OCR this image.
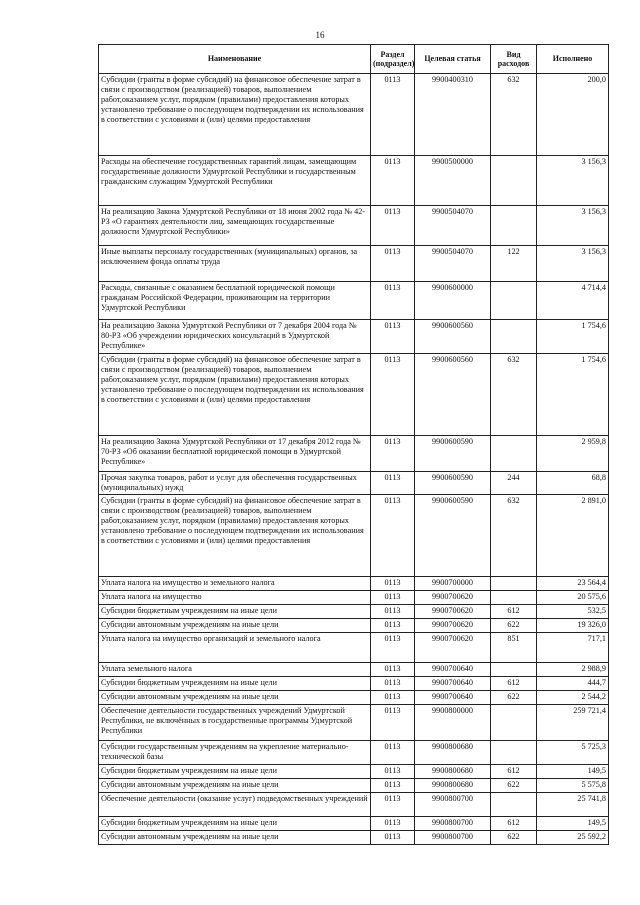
16
Наименование	Раздел (подраздел)	Целевая статья	Вид расходов	Исполнено
Субсидии (гранты в форме субсидий) на финансовое обеспечение затрат в связи с производством (реализацией) товаров, выполнением работ,оказанием услуг, порядком (правилами) предоставления которых установлено требование о последующем подтверждении их использования в соответствии с условиями и (или) целями предоставления	0113	9900400310	632	200,0
Расходы на обеспечение государственных гарантий лицам, замещающим государственные должности Удмуртской Республики и государственным гражданским служащим Удмуртской Республики	0113	9900500000		3 156,3
На реализацию Закона Удмуртской Республики от 18 июня 2002 года № 42-РЗ «О гарантиях деятельности лиц, замещающих государственные должности Удмуртской Республики»	0113	9900504070		3 156,3
Иные выплаты персоналу государственных (муниципальных) органов, за исключением фонда оплаты труда	0113	9900504070	122	3 156,3
Расходы, связанные с оказанием бесплатной юридической помощи гражданам Российской Федерации, проживающим на территории Удмуртской Республики	0113	9900600000		4 714,4
На реализацию Закона Удмуртской Республики от 7 декабря 2004 года № 80-РЗ «Об учреждении юридических консультаций в Удмуртской Республике»	0113	9900600560		1 754,6
Субсидии (гранты в форме субсидий) на финансовое обеспечение затрат в связи с производством (реализацией) товаров, выполнением работ,оказанием услуг, порядком (правилами) предоставления которых установлено требование о последующем подтверждении их использования в соответствии с условиями и (или) целями предоставления	0113	9900600560	632	1 754,6
На реализацию Закона Удмуртской Республики от 17 декабря 2012 года № 70-РЗ «Об оказании бесплатной юридической помощи в Удмуртской Республике»	0113	9900600590		2 959,8
Прочая закупка товаров, работ и услуг для обеспечения государственных (муниципальных) нужд	0113	9900600590	244	68,8
Субсидии (гранты в форме субсидий) на финансовое обеспечение затрат в связи с производством (реализацией) товаров, выполнением работ,оказанием услуг, порядком (правилами) предоставления которых установлено требование о последующем подтверждении их использования в соответствии с условиями и (или) целями предоставления	0113	9900600590	632	2 891,0
Уплата налога на имущество и земельного налога	0113	9900700000		23 564,4
Уплата налога на имущество	0113	9900700620		20 575,6
Субсидии бюджетным учреждениям на иные цели	0113	9900700620	612	532,5
Субсидии автономным учреждениям на иные цели	0113	9900700620	622	19 326,0
Уплата налога на имущество организаций и земельного налога	0113	9900700620	851	717,1
Уплата земельного налога	0113	9900700640		2 988,9
Субсидии бюджетным учреждениям на иные цели	0113	9900700640	612	444,7
Субсидии автономным учреждениям на иные цели	0113	9900700640	622	2 544,2
Обеспечение деятельности государственных учреждений Удмуртской Республики, не включённых в государственные программы Удмуртской Республики	0113	9900800000		259 721,4
Субсидии государственным учреждениям на укрепление материально-технической базы	0113	9900800680		5 725,3
Субсидии бюджетным учреждениям на иные цели	0113	9900800680	612	149,5
Субсидии автономным учреждениям на иные цели	0113	9900800680	622	5 575,8
Обеспечение деятельности (оказание услуг) подведомственных учреждений	0113	9900800700		25 741,8
Субсидии бюджетным учреждениям на иные цели	0113	9900800700	612	149,5
Субсидии автономным учреждениям на иные цели	0113	9900800700	622	25 592,2
